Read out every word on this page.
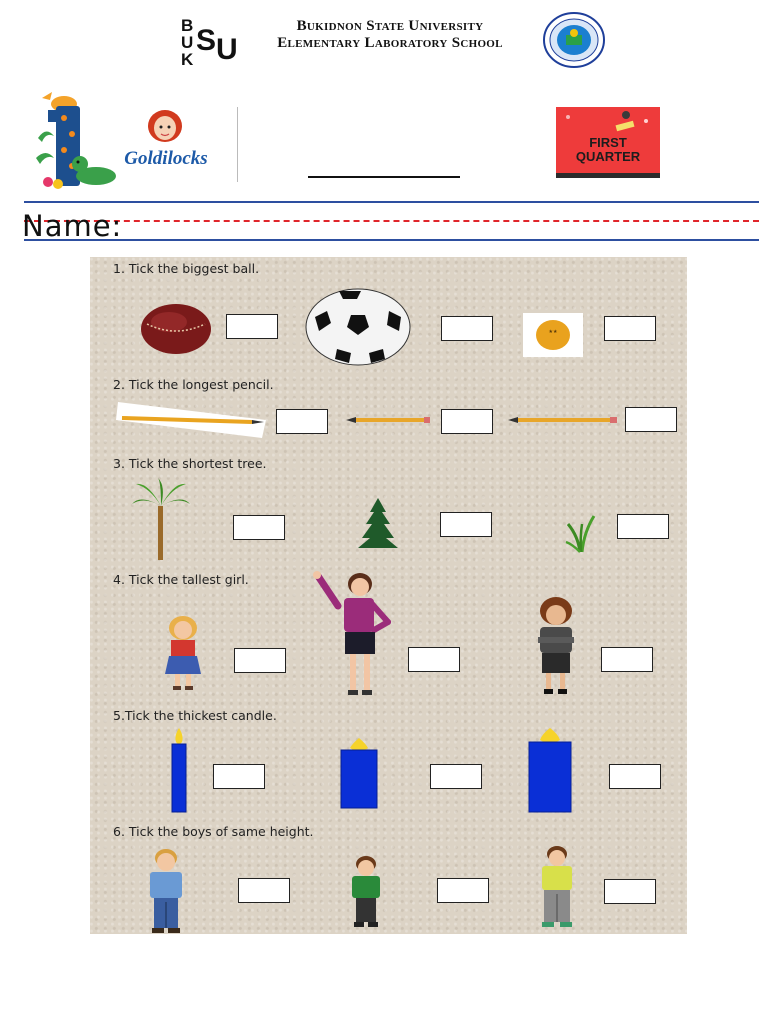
B
U
K
S U
Bukidnon State University
Elementary Laboratory School
Goldilocks
FIRST
QUARTER
Name:
1. Tick the biggest ball.
★★
2. Tick the longest pencil.
3. Tick the shortest tree.
4. Tick the tallest girl.
5.Tick the thickest candle.
6. Tick the boys of same height.
